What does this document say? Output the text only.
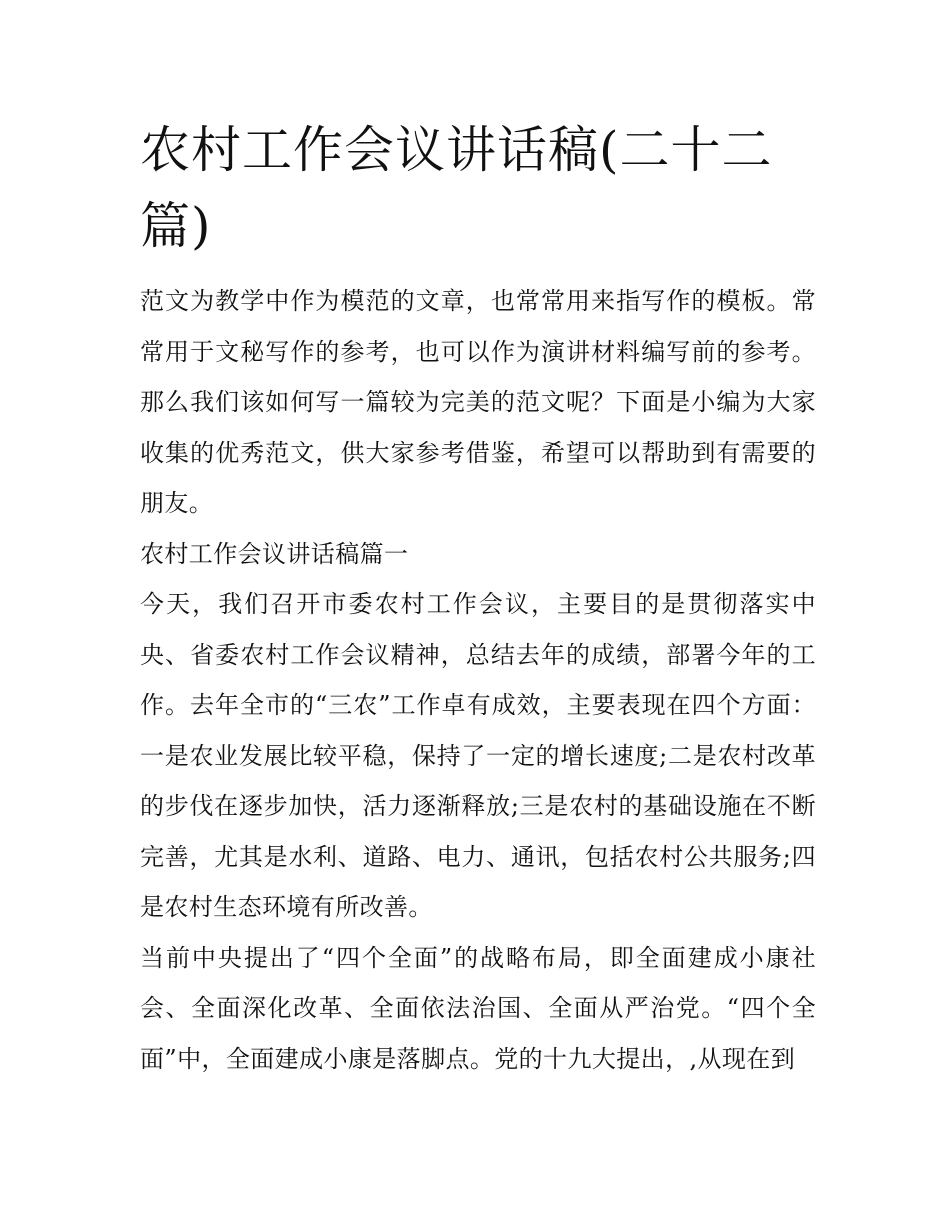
农村工作会议讲话稿(二十二篇)

范文为教学中作为模范的文章，也常常用来指写作的模板。常常用于文秘写作的参考，也可以作为演讲材料编写前的参考。那么我们该如何写一篇较为完美的范文呢？下面是小编为大家收集的优秀范文，供大家参考借鉴，希望可以帮助到有需要的朋友。

农村工作会议讲话稿篇一

今天，我们召开市委农村工作会议，主要目的是贯彻落实中央、省委农村工作会议精神，总结去年的成绩，部署今年的工作。去年全市的“三农”工作卓有成效，主要表现在四个方面：一是农业发展比较平稳，保持了一定的增长速度;二是农村改革的步伐在逐步加快，活力逐渐释放;三是农村的基础设施在不断完善，尤其是水利、道路、电力、通讯，包括农村公共服务;四是农村生态环境有所改善。

当前中央提出了“四个全面”的战略布局，即全面建成小康社会、全面深化改革、全面依法治国、全面从严治党。“四个全面”中，全面建成小康是落脚点。党的十九大提出，,从现在到
